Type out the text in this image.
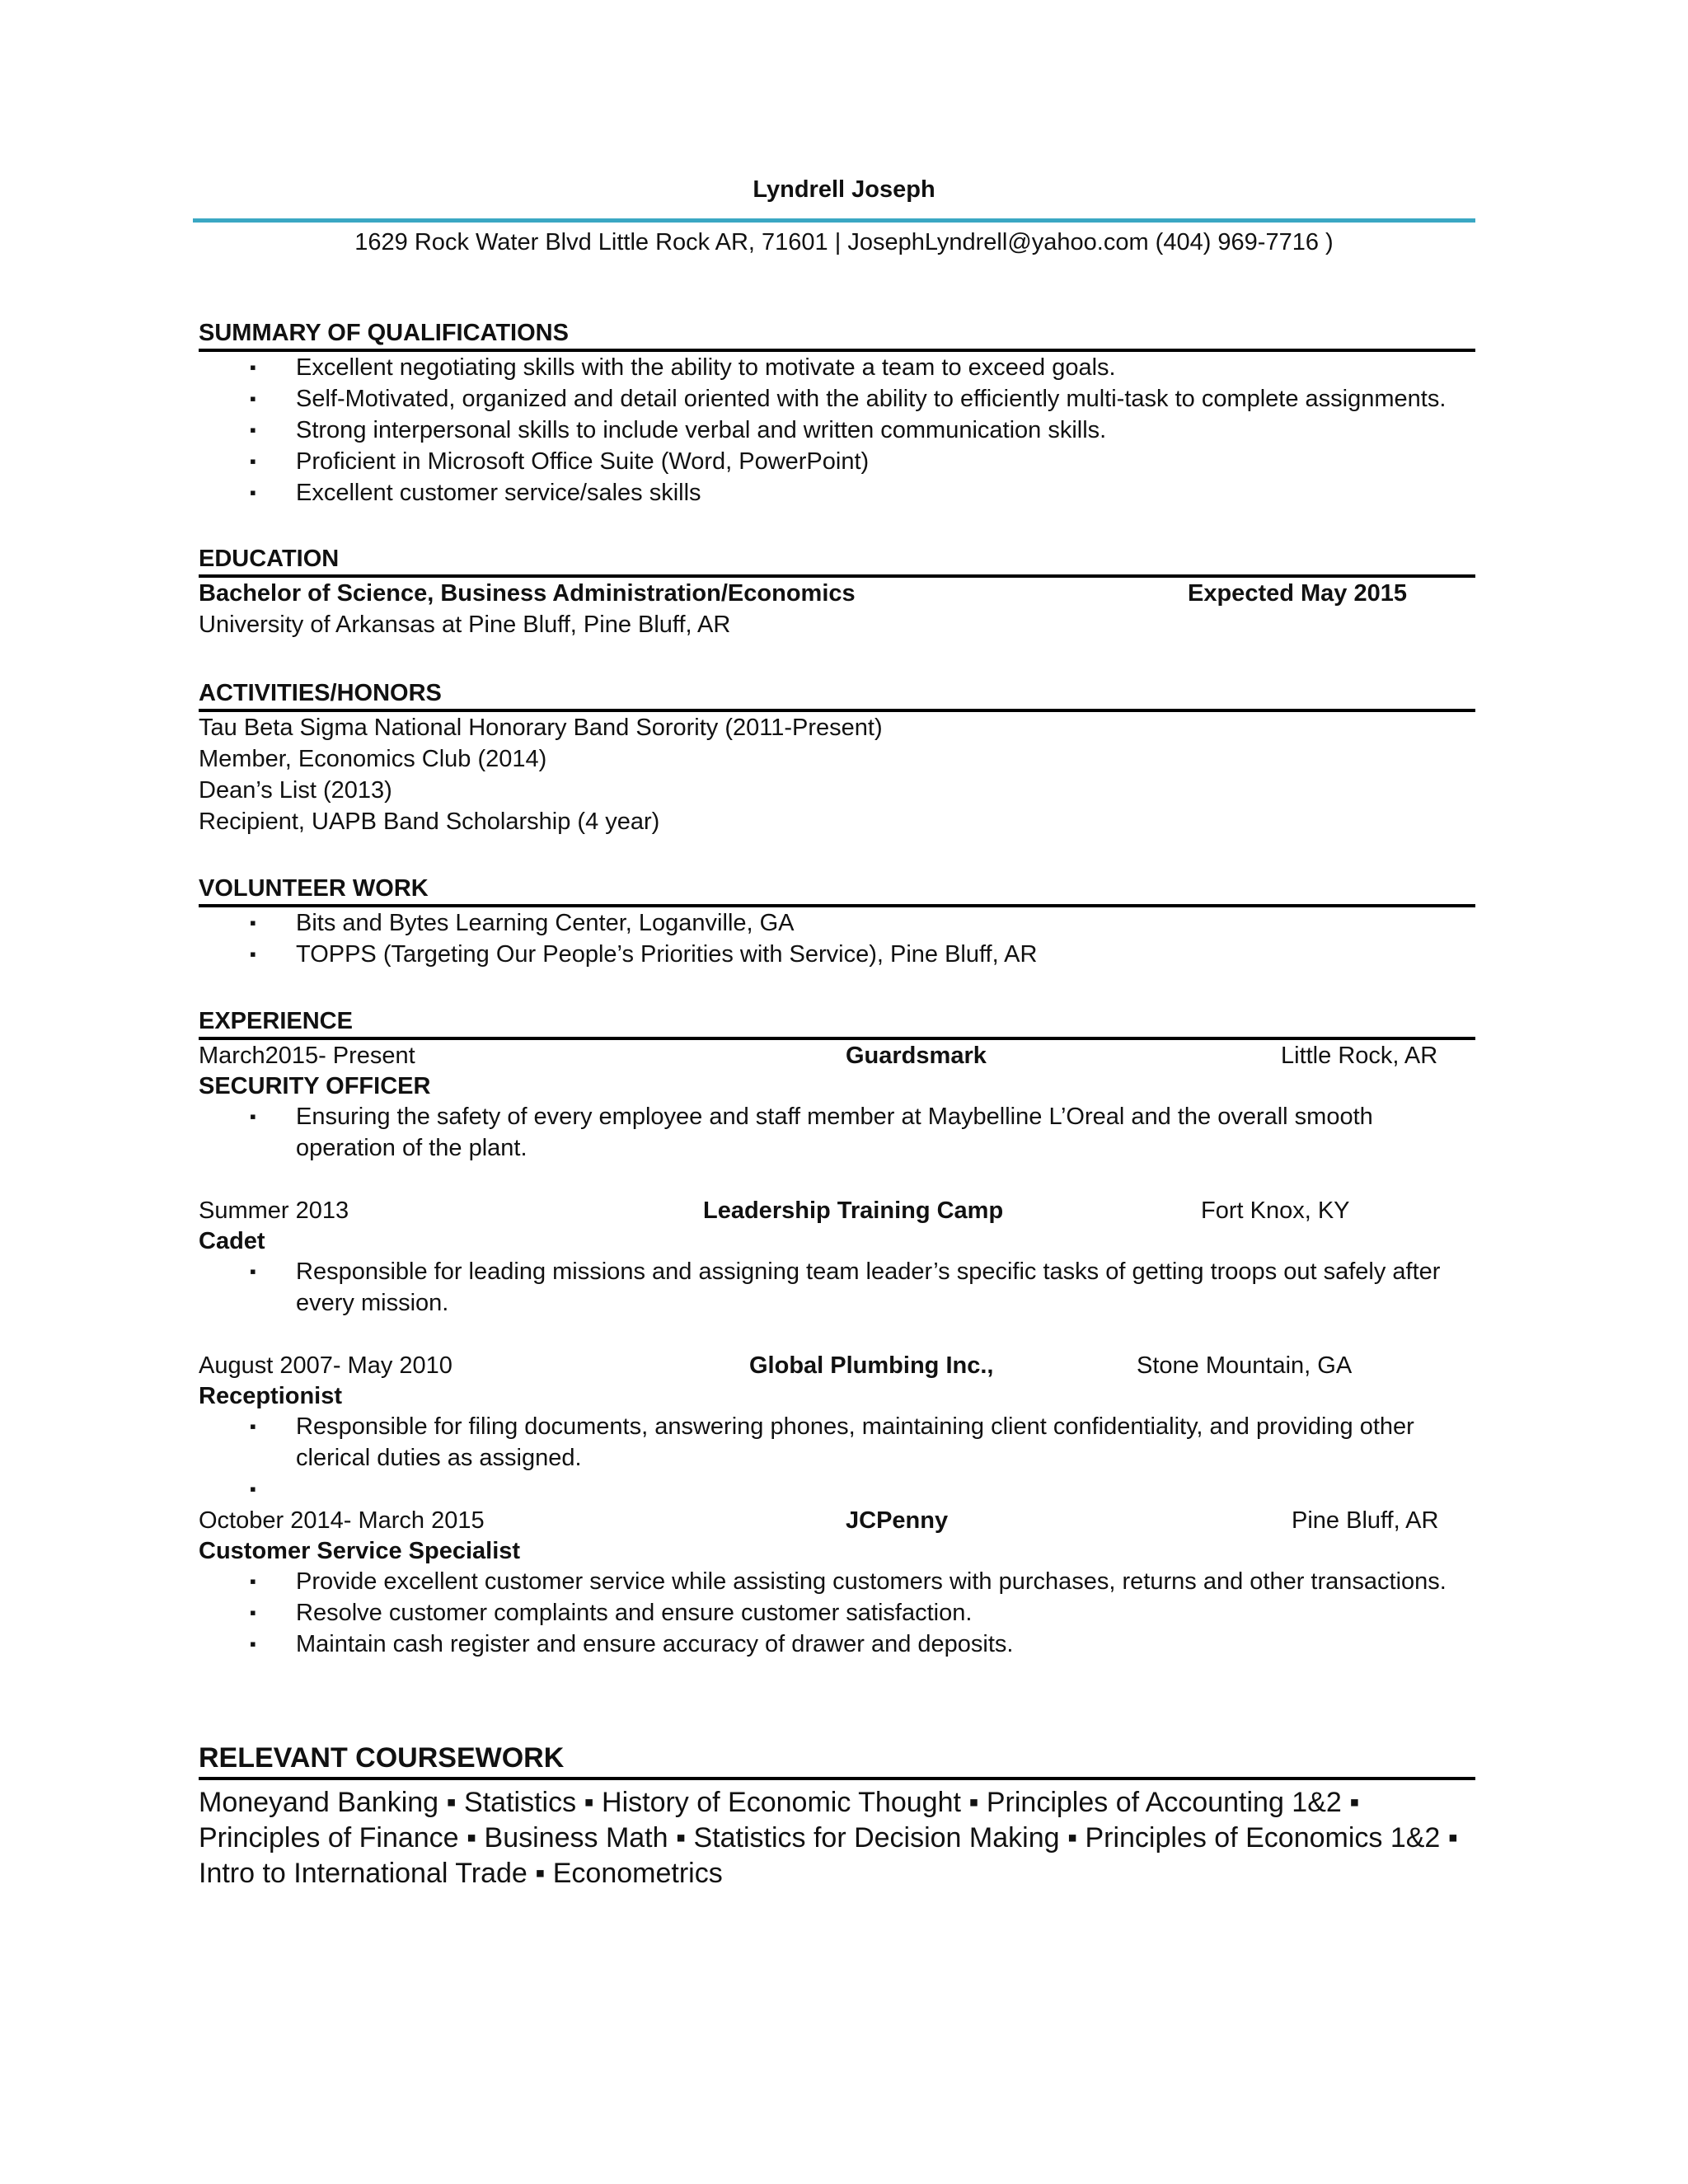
Lyndrell Joseph
1629 Rock Water Blvd Little Rock AR, 71601 | JosephLyndrell@yahoo.com (404) 969-7716 )
SUMMARY OF QUALIFICATIONS
▪ Excellent negotiating skills with the ability to motivate a team to exceed goals.
▪ Self-Motivated, organized and detail oriented with the ability to efficiently multi-task to complete assignments.
▪ Strong interpersonal skills to include verbal and written communication skills.
▪ Proficient in Microsoft Office Suite (Word, PowerPoint)
▪ Excellent customer service/sales skills
EDUCATION
Bachelor of Science, Business Administration/Economics	Expected May 2015
University of Arkansas at Pine Bluff, Pine Bluff, AR
ACTIVITIES/HONORS
Tau Beta Sigma National Honorary Band Sorority (2011-Present)
Member, Economics Club (2014)
Dean’s List (2013)
Recipient, UAPB Band Scholarship (4 year)
VOLUNTEER WORK
▪ Bits and Bytes Learning Center, Loganville, GA
▪ TOPPS (Targeting Our People’s Priorities with Service), Pine Bluff, AR
EXPERIENCE
March2015- Present	Guardsmark	Little Rock, AR
SECURITY OFFICER
▪ Ensuring the safety of every employee and staff member at Maybelline L’Oreal and the overall smooth operation of the plant.
Summer 2013	Leadership Training Camp	Fort Knox, KY
Cadet
▪ Responsible for leading missions and assigning team leader’s specific tasks of getting troops out safely after every mission.
August 2007- May 2010	Global Plumbing Inc.,	Stone Mountain, GA
Receptionist
▪ Responsible for filing documents, answering phones, maintaining client confidentiality, and providing other clerical duties as assigned.
▪
October 2014- March 2015	JCPenny	Pine Bluff, AR
Customer Service Specialist
▪ Provide excellent customer service while assisting customers with purchases, returns and other transactions.
▪ Resolve customer complaints and ensure customer satisfaction.
▪ Maintain cash register and ensure accuracy of drawer and deposits.
RELEVANT COURSEWORK
Moneyand Banking ▪ Statistics ▪ History of Economic Thought ▪ Principles of Accounting 1&2 ▪ Principles of Finance ▪ Business Math ▪ Statistics for Decision Making ▪ Principles of Economics 1&2 ▪ Intro to International Trade ▪ Econometrics
